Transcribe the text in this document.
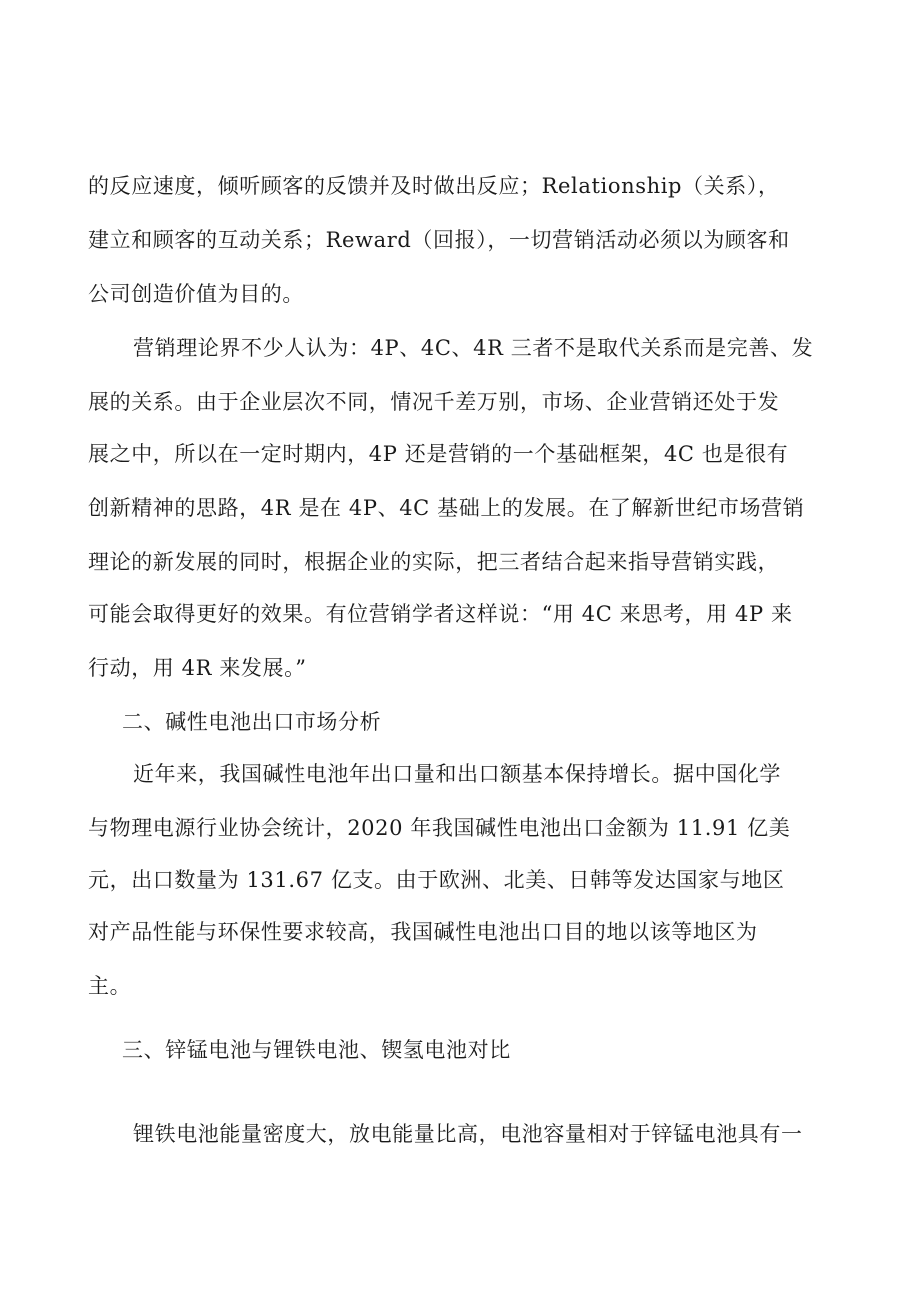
的反应速度，倾听顾客的反馈并及时做出反应；Relationship（关系），
建立和顾客的互动关系；Reward（回报），一切营销活动必须以为顾客和
公司创造价值为目的。
营销理论界不少人认为：4P、4C、4R 三者不是取代关系而是完善、发
展的关系。由于企业层次不同，情况千差万别，市场、企业营销还处于发
展之中，所以在一定时期内，4P 还是营销的一个基础框架，4C 也是很有
创新精神的思路，4R 是在 4P、4C 基础上的发展。在了解新世纪市场营销
理论的新发展的同时，根据企业的实际，把三者结合起来指导营销实践，
可能会取得更好的效果。有位营销学者这样说：“用 4C 来思考，用 4P 来
行动，用 4R 来发展。”
二、碱性电池出口市场分析
近年来，我国碱性电池年出口量和出口额基本保持增长。据中国化学
与物理电源行业协会统计，2020 年我国碱性电池出口金额为 11.91 亿美
元，出口数量为 131.67 亿支。由于欧洲、北美、日韩等发达国家与地区
对产品性能与环保性要求较高，我国碱性电池出口目的地以该等地区为
主。
三、锌锰电池与锂铁电池、锲氢电池对比
锂铁电池能量密度大，放电能量比高，电池容量相对于锌锰电池具有一
